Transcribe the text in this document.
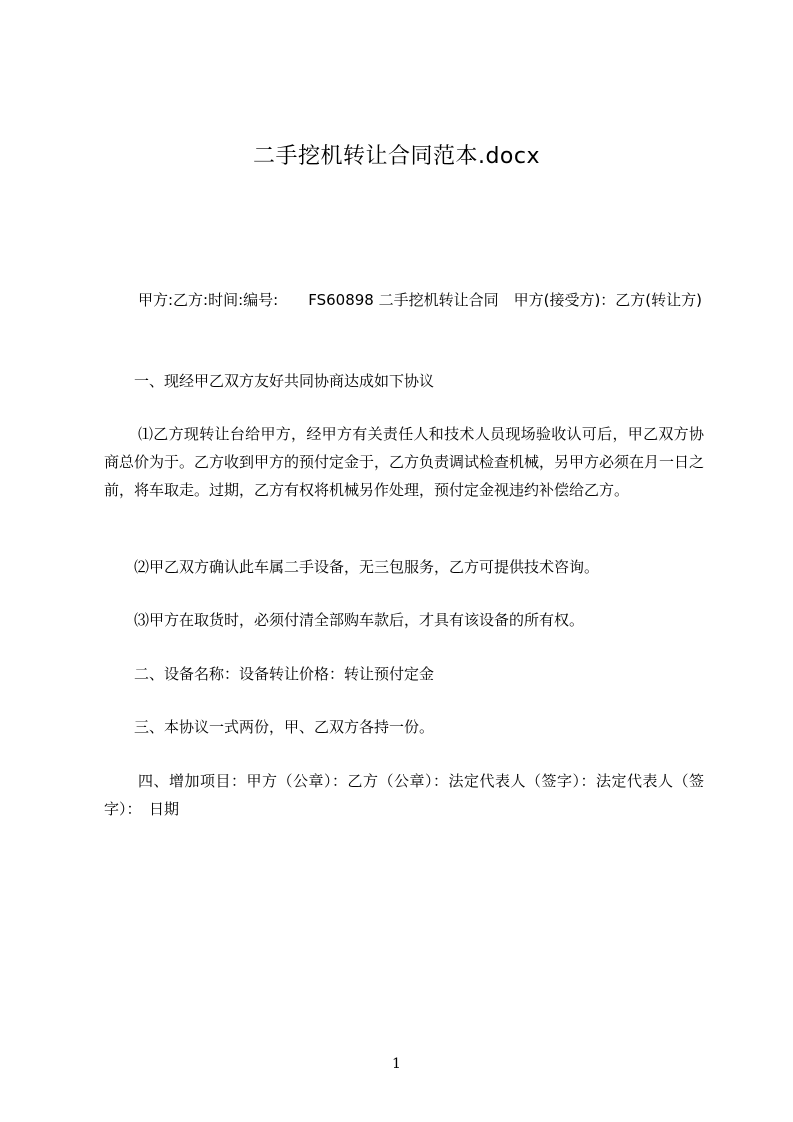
二手挖机转让合同范本.docx

甲方:乙方:时间:编号:　　FS60898 二手挖机转让合同　甲方(接受方)：乙方(转让方)

一、现经甲乙双方友好共同协商达成如下协议

⑴乙方现转让台给甲方，经甲方有关责任人和技术人员现场验收认可后，甲乙双方协商总价为于。乙方收到甲方的预付定金于，乙方负责调试检查机械，另甲方必须在月一日之前，将车取走。过期，乙方有权将机械另作处理，预付定金视违约补偿给乙方。

⑵甲乙双方确认此车属二手设备，无三包服务，乙方可提供技术咨询。

⑶甲方在取货时，必须付清全部购车款后，才具有该设备的所有权。

二、设备名称：设备转让价格：转让预付定金

三、本协议一式两份，甲、乙双方各持一份。

四、增加项目：甲方（公章）：乙方（公章）：法定代表人（签字）：法定代表人（签字）：　日期

1
